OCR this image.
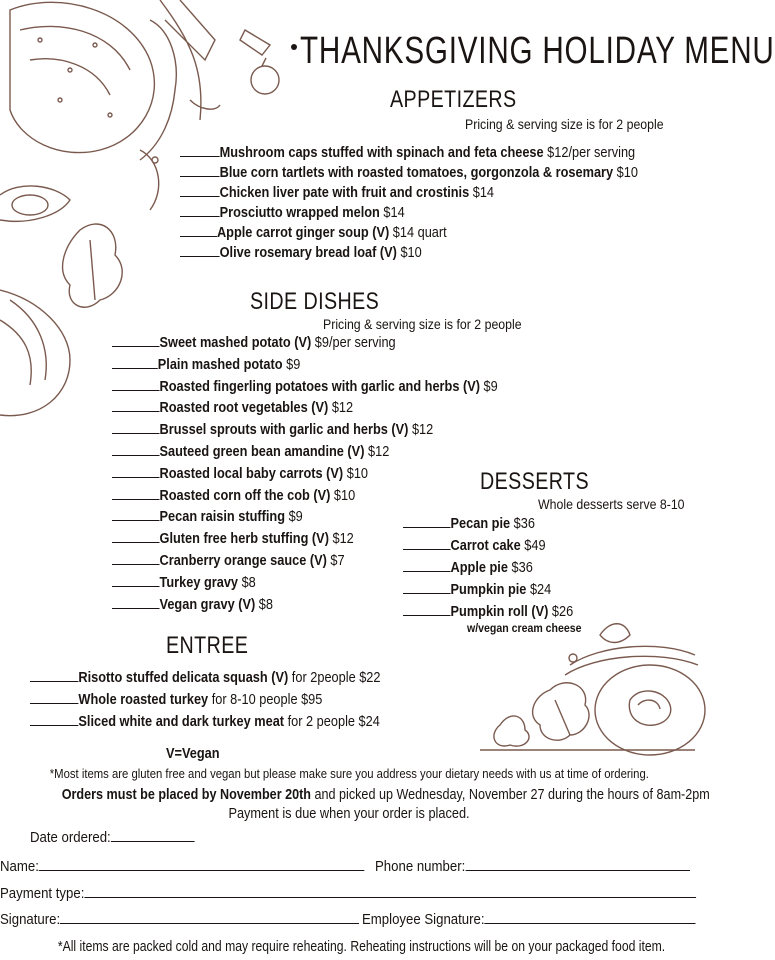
THANKSGIVING HOLIDAY MENU
APPETIZERS
Pricing & serving size is for 2 people
Mushroom caps stuffed with spinach and feta cheese $12/per serving
Blue corn tartlets with roasted tomatoes, gorgonzola & rosemary $10
Chicken liver pate with fruit and crostinis $14
Prosciutto wrapped melon $14
Apple carrot ginger soup (V) $14 quart
Olive rosemary bread loaf (V) $10
SIDE DISHES
Pricing & serving size is for 2 people
Sweet mashed potato (V) $9/per serving
Plain mashed potato $9
Roasted fingerling potatoes with garlic and herbs (V) $9
Roasted root vegetables (V) $12
Brussel sprouts with garlic and herbs (V) $12
Sauteed green bean amandine (V) $12
Roasted local baby carrots (V) $10
Roasted corn off the cob (V) $10
Pecan raisin stuffing $9
Gluten free herb stuffing (V) $12
Cranberry orange sauce (V) $7
Turkey gravy $8
Vegan gravy (V) $8
DESSERTS
Whole desserts serve 8-10
Pecan pie $36
Carrot cake $49
Apple pie $36
Pumpkin pie $24
Pumpkin roll (V) $26
w/vegan cream cheese
ENTREE
Risotto stuffed delicata squash (V) for 2people $22
Whole roasted turkey for 8-10 people $95
Sliced white and dark turkey meat for 2 people $24
V=Vegan
*Most items are gluten free and vegan but please make sure you address your dietary needs with us at time of ordering.
Orders must be placed by November 20th and picked up Wednesday, November 27 during the hours of 8am-2pm
Payment is due when your order is placed.
Date ordered:
Name:	Phone number:
Payment type:
Signature:	Employee Signature:
*All items are packed cold and may require reheating. Reheating instructions will be on your packaged food item.
